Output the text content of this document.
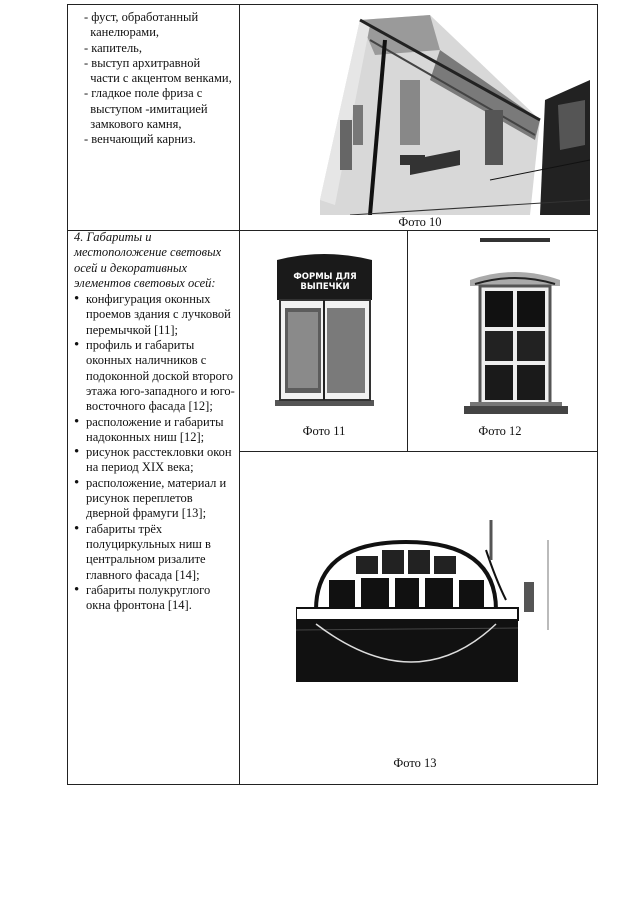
- фуст, обработанный
канелюрами,
- капитель,
- выступ архитравной
части с акцентом венками,
- гладкое поле фриза с
выступом -имитацией
замкового камня,
- венчающий карниз.
Фото 10
4. Габариты и
местоположение световых
осей и декоративных
элементов световых осей:
• конфигурация оконных проемов здания с лучковой перемычкой [11];
• профиль и габариты оконных наличников с подоконной доской второго этажа юго-западного и юго-восточного фасада [12];
• расположение и габариты надоконных ниш [12];
• рисунок расстекловки окон на период XIX века;
• расположение, материал и рисунок переплетов дверной фрамуги [13];
• габариты трёх полуциркульных ниш в центральном ризалите главного фасада [14];
• габариты полукруглого окна фронтона [14].
ФОРМЫ ДЛЯ ВЫПЕЧКИ
Фото 11	Фото 12
Фото 13
